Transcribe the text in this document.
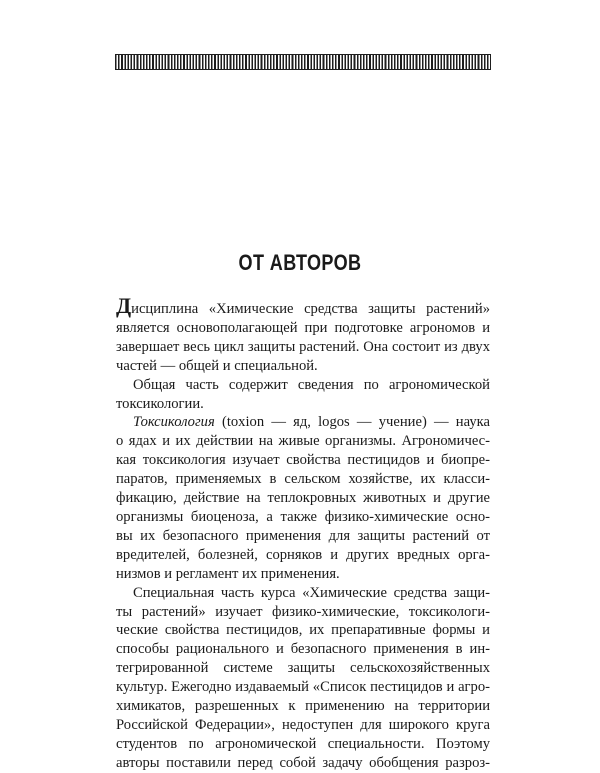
ОТ АВТОРОВ
Дисциплина «Химические средства защиты растений»
является основополагающей при подготовке агрономов и
завершает весь цикл защиты растений. Она состоит из двух
частей — общей и специальной.
Общая часть содержит сведения по агрономической
токсикологии.
Токсикология (toxion — яд, logos — учение) — наука
о ядах и их действии на живые организмы. Агрономичес-
кая токсикология изучает свойства пестицидов и биопре-
паратов, применяемых в сельском хозяйстве, их класси-
фикацию, действие на теплокровных животных и другие
организмы биоценоза, а также физико-химические осно-
вы их безопасного применения для защиты растений от
вредителей, болезней, сорняков и других вредных орга-
низмов и регламент их применения.
Специальная часть курса «Химические средства защи-
ты растений» изучает физико-химические, токсикологи-
ческие свойства пестицидов, их препаративные формы и
способы рационального и безопасного применения в ин-
тегрированной системе защиты сельскохозяйственных
культур. Ежегодно издаваемый «Список пестицидов и агро-
химикатов, разрешенных к применению на территории
Российской Федерации», недоступен для широкого круга
студентов по агрономической специальности. Поэтому
авторы поставили перед собой задачу обобщения разроз-
